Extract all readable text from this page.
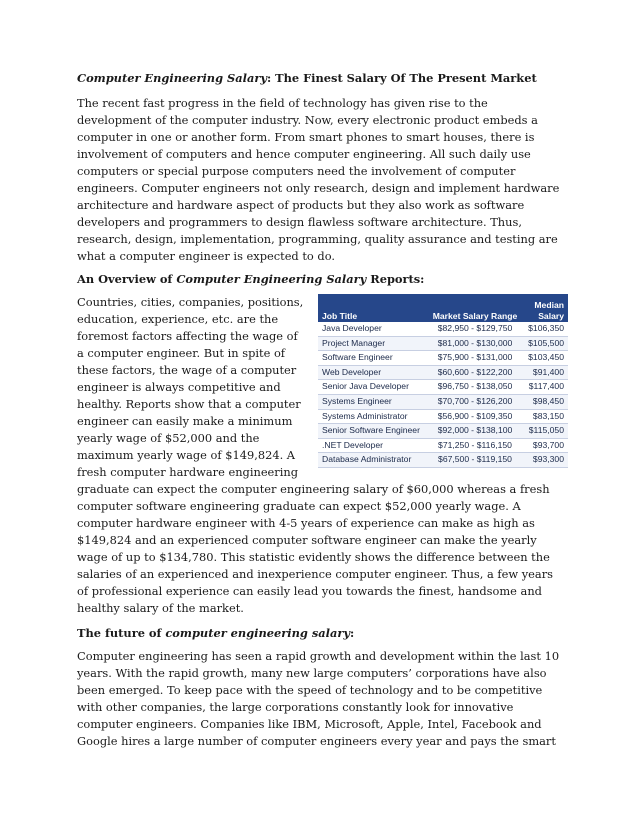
Computer Engineering Salary: The Finest Salary Of The Present Market

The recent fast progress in the field of technology has given rise to the development of the computer industry. Now, every electronic product embeds a computer in one or another form. From smart phones to smart houses, there is involvement of computers and hence computer engineering. All such daily use computers or special purpose computers need the involvement of computer engineers. Computer engineers not only research, design and implement hardware architecture and hardware aspect of products but they also work as software developers and programmers to design flawless software architecture. Thus, research, design, implementation, programming, quality assurance and testing are what a computer engineer is expected to do.

An Overview of Computer Engineering Salary Reports:
Job Title	Market Salary Range	Median
Salary
Java Developer	$82,950 - $129,750	$106,350
Project Manager	$81,000 - $130,000	$105,500
Software Engineer	$75,900 - $131,000	$103,450
Web Developer	$60,600 - $122,200	$91,400
Senior Java Developer	$96,750 - $138,050	$117,400
Systems Engineer	$70,700 - $126,200	$98,450
Systems Administrator	$56,900 - $109,350	$83,150
Senior Software Engineer	$92,000 - $138,100	$115,050
.NET Developer	$71,250 - $116,150	$93,700
Database Administrator	$67,500 - $119,150	$93,300

Countries, cities, companies, positions, education, experience, etc. are the foremost factors affecting the wage of a computer engineer. But in spite of these factors, the wage of a computer engineer is always competitive and healthy. Reports show that a computer engineer can easily make a minimum yearly wage of $52,000 and the maximum yearly wage of $149,824. A fresh computer hardware engineering graduate can expect the computer engineering salary of $60,000 whereas a fresh computer software engineering graduate can expect $52,000 yearly wage. A computer hardware engineer with 4-5 years of experience can make as high as $149,824 and an experienced computer software engineer can make the yearly wage of up to $134,780. This statistic evidently shows the difference between the salaries of an experienced and inexperience computer engineer. Thus, a few years of professional experience can easily lead you towards the finest, handsome and healthy salary of the market.

The future of computer engineering salary:

Computer engineering has seen a rapid growth and development within the last 10 years. With the rapid growth, many new large computers’ corporations have also been emerged. To keep pace with the speed of technology and to be competitive with other companies, the large corporations constantly look for innovative computer engineers. Companies like IBM, Microsoft, Apple, Intel, Facebook and Google hires a large number of computer engineers every year and pays the smart
